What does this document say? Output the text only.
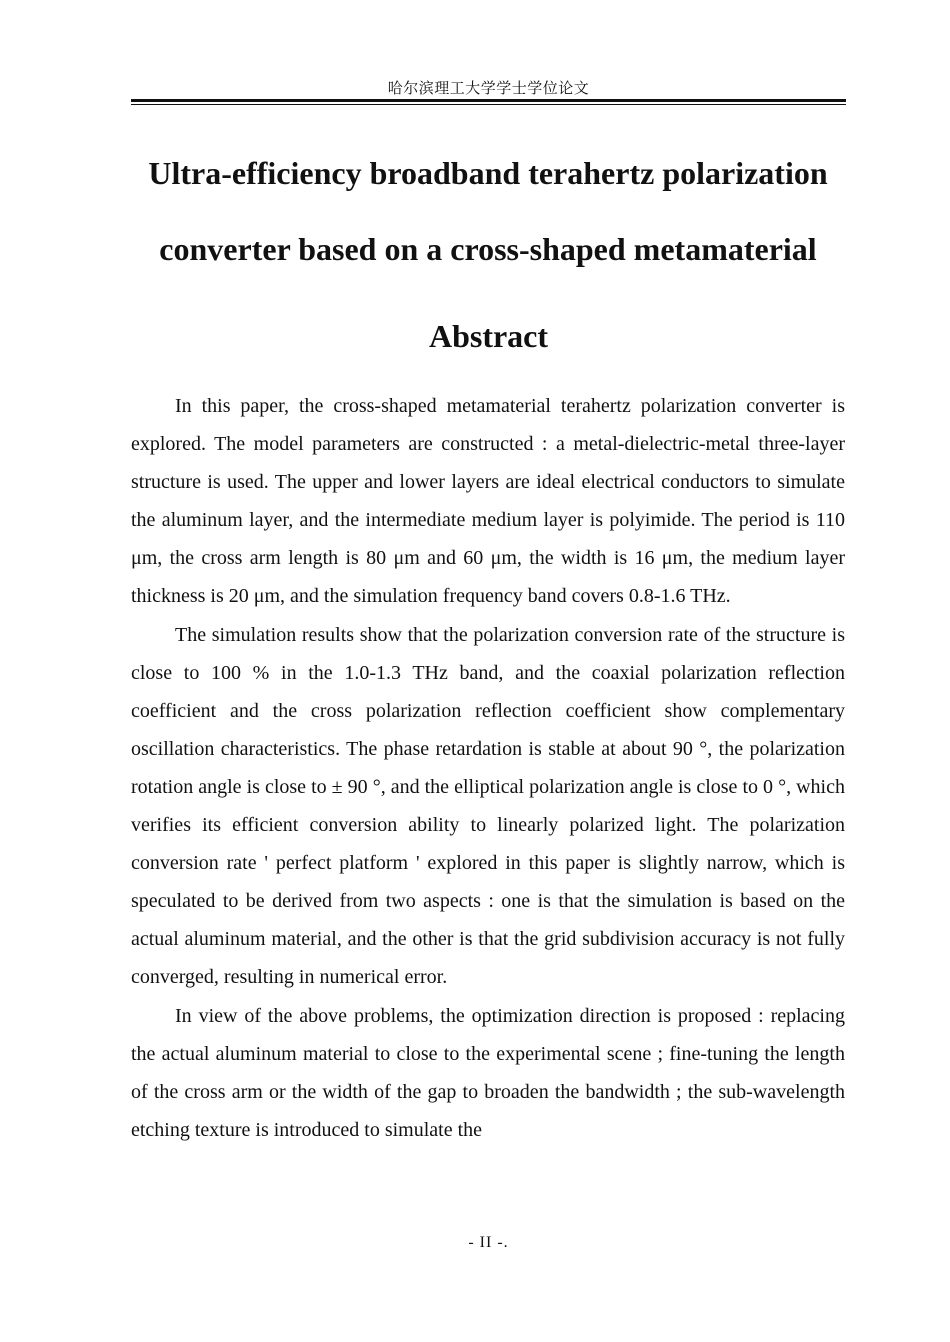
哈尔滨理工大学学士学位论文
Ultra-efficiency broadband terahertz polarization
converter based on a cross-shaped metamaterial
Abstract

In this paper, the cross-shaped metamaterial terahertz polarization converter is explored. The model parameters are constructed : a metal-dielectric-metal three-layer structure is used. The upper and lower layers are ideal electrical conductors to simulate the aluminum layer, and the intermediate medium layer is polyimide. The period is 110 μm, the cross arm length is 80 μm and 60 μm, the width is 16 μm, the medium layer thickness is 20 μm, and the simulation frequency band covers 0.8-1.6 THz.

The simulation results show that the polarization conversion rate of the structure is close to 100 % in the 1.0-1.3 THz band, and the coaxial polarization reflection coefficient and the cross polarization reflection coefficient show complementary oscillation characteristics. The phase retardation is stable at about 90 °, the polarization rotation angle is close to ± 90 °, and the elliptical polarization angle is close to 0 °, which verifies its efficient conversion ability to linearly polarized light. The polarization conversion rate ' perfect platform ' explored in this paper is slightly narrow, which is speculated to be derived from two aspects : one is that the simulation is based on the actual aluminum material, and the other is that the grid subdivision accuracy is not fully converged, resulting in numerical error.

In view of the above problems, the optimization direction is proposed : replacing the actual aluminum material to close to the experimental scene ; fine-tuning the length of the cross arm or the width of the gap to broaden the bandwidth ; the sub-wavelength etching texture is introduced to simulate the

- II -.
